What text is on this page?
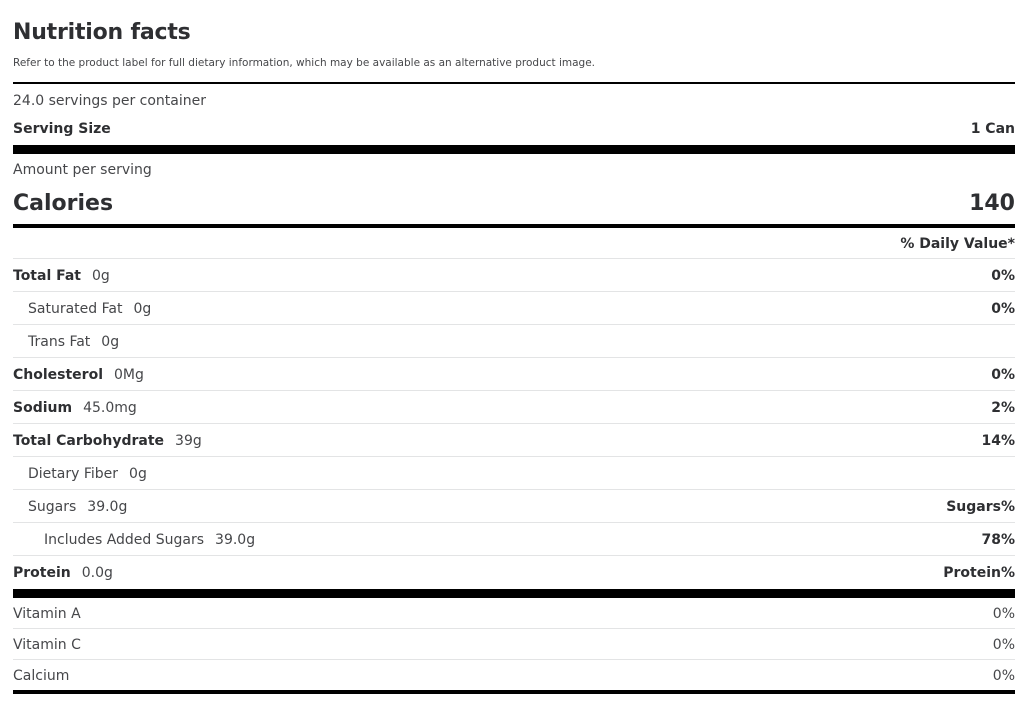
Nutrition facts
Refer to the product label for full dietary information, which may be available as an alternative product image.
24.0 servings per container
Serving Size	1 Can
Amount per serving
Calories	140
% Daily Value*
Total Fat 0g	0%
Saturated Fat 0g	0%
Trans Fat 0g
Cholesterol 0Mg	0%
Sodium 45.0mg	2%
Total Carbohydrate 39g	14%
Dietary Fiber 0g
Sugars 39.0g	Sugars%
Includes Added Sugars 39.0g	78%
Protein 0.0g	Protein%
Vitamin A	0%
Vitamin C	0%
Calcium	0%
